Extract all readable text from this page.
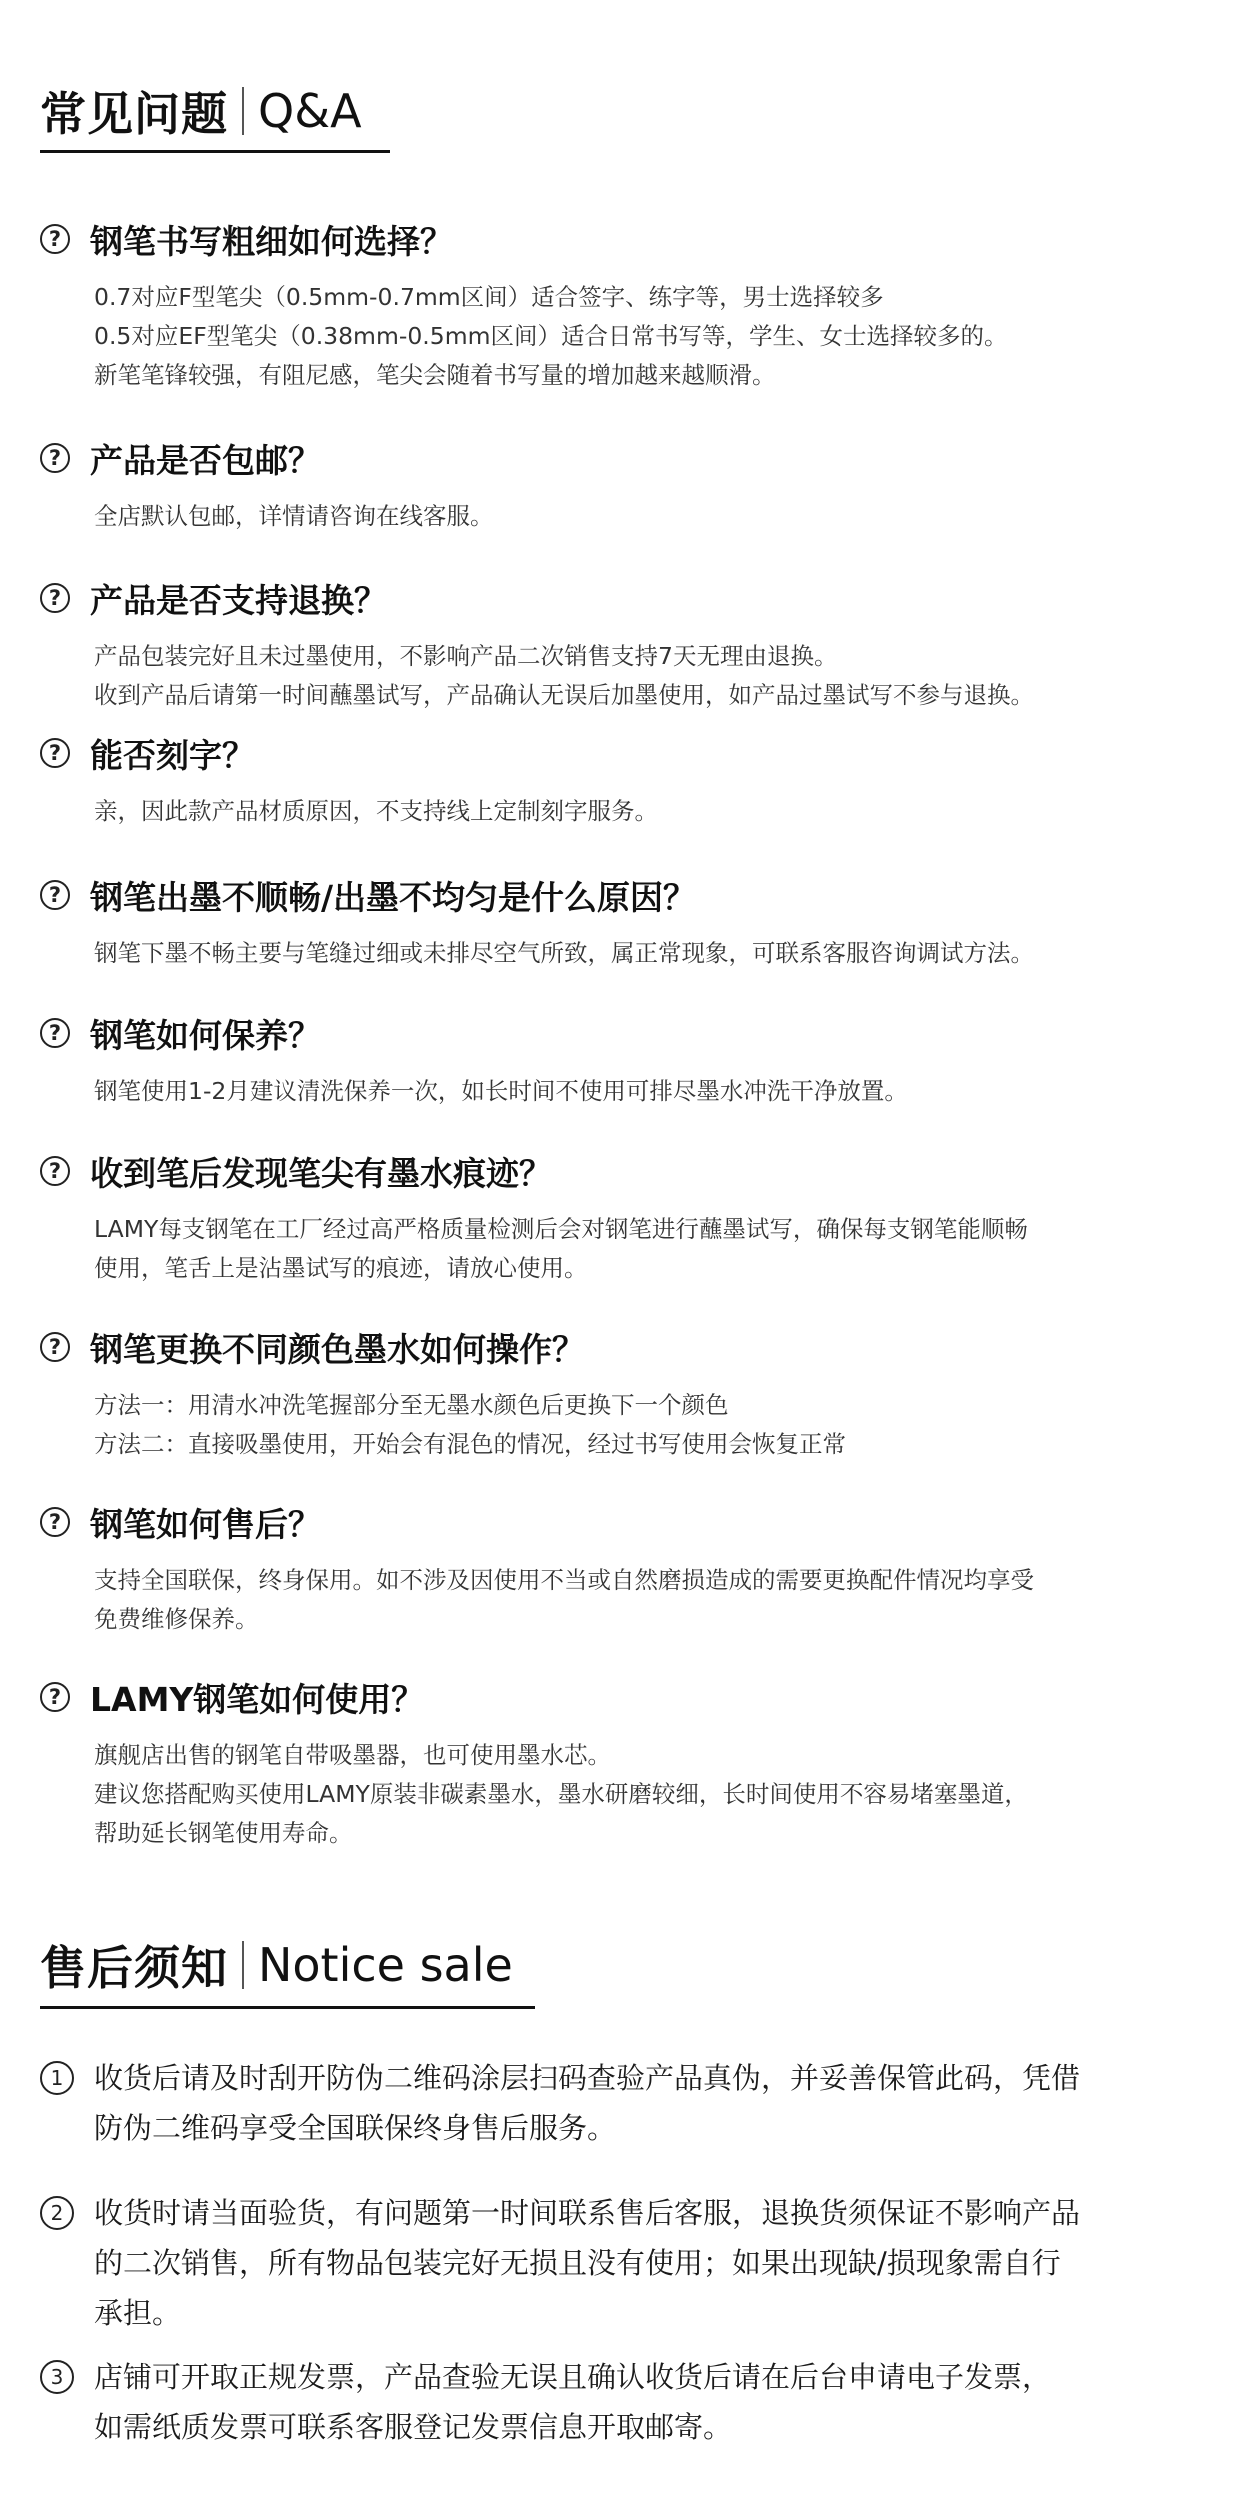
常见问题 Q&A
? 钢笔书写粗细如何选择？
0.7对应F型笔尖（0.5mm-0.7mm区间）适合签字、练字等，男士选择较多
0.5对应EF型笔尖（0.38mm-0.5mm区间）适合日常书写等，学生、女士选择较多的。
新笔笔锋较强，有阻尼感，笔尖会随着书写量的增加越来越顺滑。
? 产品是否包邮？
全店默认包邮，详情请咨询在线客服。
? 产品是否支持退换？
产品包装完好且未过墨使用，不影响产品二次销售支持7天无理由退换。
收到产品后请第一时间蘸墨试写，产品确认无误后加墨使用，如产品过墨试写不参与退换。
? 能否刻字？
亲，因此款产品材质原因，不支持线上定制刻字服务。
? 钢笔出墨不顺畅/出墨不均匀是什么原因？
钢笔下墨不畅主要与笔缝过细或未排尽空气所致，属正常现象，可联系客服咨询调试方法。
? 钢笔如何保养？
钢笔使用1-2月建议清洗保养一次，如长时间不使用可排尽墨水冲洗干净放置。
? 收到笔后发现笔尖有墨水痕迹？
LAMY每支钢笔在工厂经过高严格质量检测后会对钢笔进行蘸墨试写，确保每支钢笔能顺畅
使用，笔舌上是沾墨试写的痕迹，请放心使用。
? 钢笔更换不同颜色墨水如何操作？
方法一：用清水冲洗笔握部分至无墨水颜色后更换下一个颜色
方法二：直接吸墨使用，开始会有混色的情况，经过书写使用会恢复正常
? 钢笔如何售后？
支持全国联保，终身保用。如不涉及因使用不当或自然磨损造成的需要更换配件情况均享受
免费维修保养。
? LAMY钢笔如何使用？
旗舰店出售的钢笔自带吸墨器，也可使用墨水芯。
建议您搭配购买使用LAMY原装非碳素墨水，墨水研磨较细，长时间使用不容易堵塞墨道，
帮助延长钢笔使用寿命。
售后须知 Notice sale
1	收货后请及时刮开防伪二维码涂层扫码查验产品真伪，并妥善保管此码，凭借
防伪二维码享受全国联保终身售后服务。
2	收货时请当面验货，有问题第一时间联系售后客服，退换货须保证不影响产品
的二次销售，所有物品包装完好无损且没有使用；如果出现缺/损现象需自行
承担。
3	店铺可开取正规发票，产品查验无误且确认收货后请在后台申请电子发票，
如需纸质发票可联系客服登记发票信息开取邮寄。
